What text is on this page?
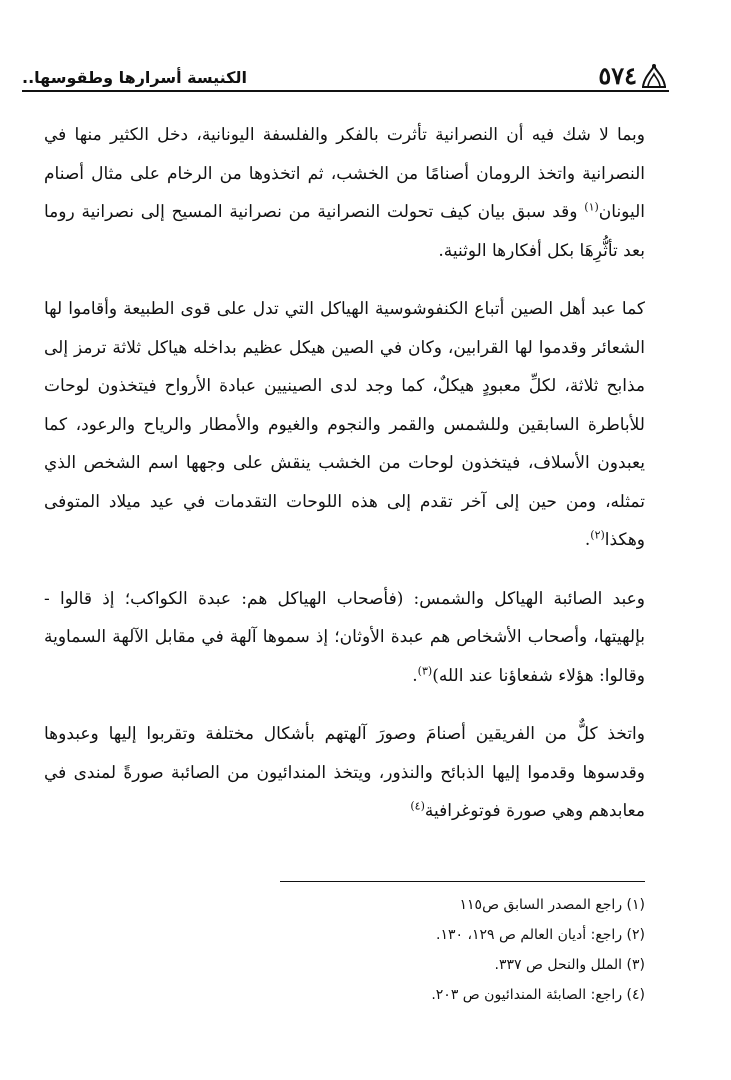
٥٧٤
الكنيسة أسرارها وطقوسها..

وبما لا شك فيه أن النصرانية تأثرت بالفكر والفلسفة اليونانية، دخل الكثير منها في النصرانية واتخذ الرومان أصنامًا من الخشب، ثم اتخذوها من الرخام على مثال أصنام اليونان$^{(١)}$ وقد سبق بيان كيف تحولت النصرانية من نصرانية المسيح إلى نصرانية روما بعد تأثُّرِهَا بكل أفكارها الوثنية.

كما عبد أهل الصين أتباع الكنفوشوسية الهياكل التي تدل على قوى الطبيعة وأقاموا لها الشعائر وقدموا لها القرابين، وكان في الصين هيكل عظيم بداخله هياكل ثلاثة ترمز إلى مذابح ثلاثة، لكلِّ معبودٍ هيكلٌ، كما وجد لدى الصينيين عبادة الأرواح فيتخذون لوحات للأباطرة السابقين وللشمس والقمر والنجوم والغيوم والأمطار والرياح والرعود، كما يعبدون الأسلاف، فيتخذون لوحات من الخشب ينقش على وجهها اسم الشخص الذي تمثله، ومن حين إلى آخر تقدم إلى هذه اللوحات التقدمات في عيد ميلاد المتوفى وهكذا$^{(٢)}$.

وعبد الصائبة الهياكل والشمس: (فأصحاب الهياكل هم: عبدة الكواكب؛ إذ قالوا - بإلهيتها، وأصحاب الأشخاص هم عبدة الأوثان؛ إذ سموها آلهة في مقابل الآلهة السماوية وقالوا: هؤلاء شفعاؤنا عند الله)$^{(٣)}$.

واتخذ كلٌّ من الفريقين أصنامَ وصورَ آلهتهم بأشكال مختلفة وتقربوا إليها وعبدوها وقدسوها وقدموا إليها الذبائح والنذور، ويتخذ المندائيون من الصائبة صورةً لمندى في معابدهم وهي صورة فوتوغرافية$^{(٤)}$

(١) راجع المصدر السابق ص١١٥
(٢) راجع: أديان العالم ص ١٢٩، ١٣٠.
(٣) الملل والنحل ص ٣٣٧.
(٤) راجع: الصابئة المندائيون ص ٢٠٣.
